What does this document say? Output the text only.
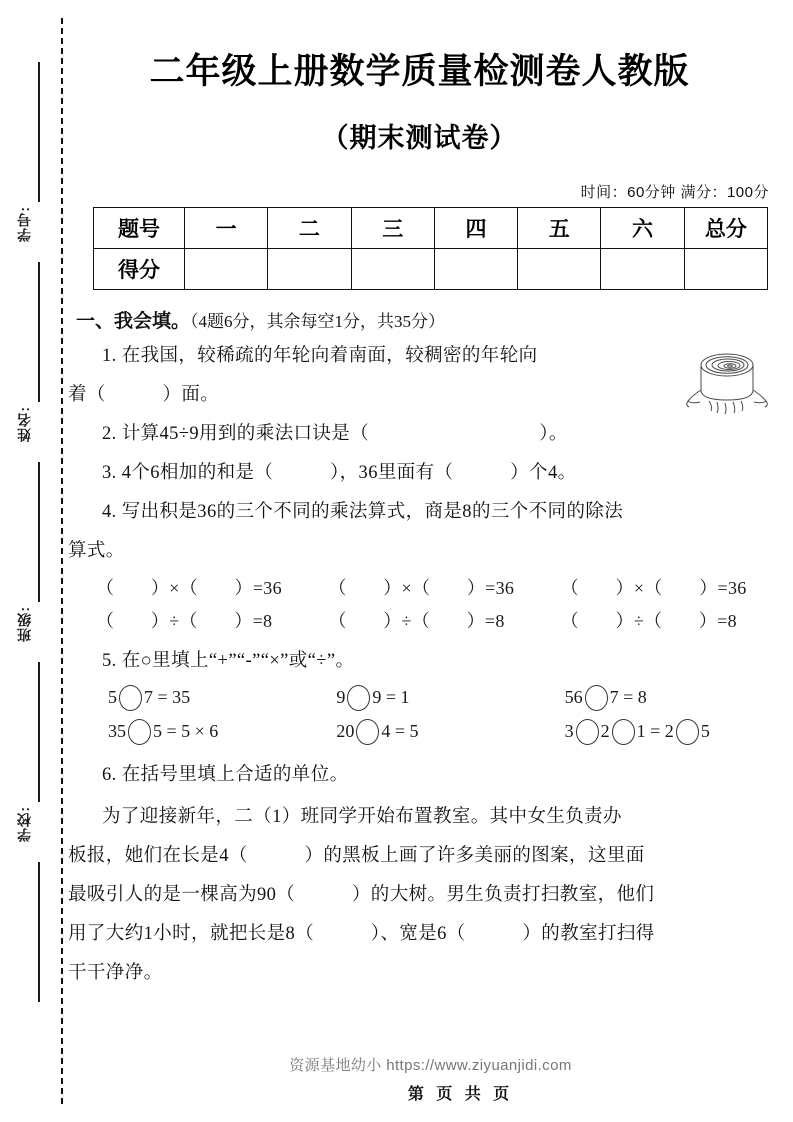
学号:
姓名:
班级:
学校:
二年级上册数学质量检测卷人教版
（期末测试卷）
时间：60分钟 满分：100分
题号	一	二	三	四	五	六	总分
得分							
一、我会填。（4题6分，其余每空1分，共35分）
1. 在我国，较稀疏的年轮向着南面，较稠密的年轮向
着（　　　）面。
2. 计算45÷9用到的乘法口诀是（　　　　　　　　　）。
3. 4个6相加的和是（　　　），36里面有（　　　）个4。
4. 写出积是36的三个不同的乘法算式，商是8的三个不同的除法
算式。
（　　）×（　　）=36	（　　）×（　　）=36	（　　）×（　　）=36
（　　）÷（　　）=8	（　　）÷（　　）=8	（　　）÷（　　）=8
5. 在○里填上“+”“-”“×”或“÷”。
5 7 = 35	9 9 = 1	56 7 = 8
35 5 = 5 × 6	20 4 = 5	3 2 1 = 2 5
6. 在括号里填上合适的单位。
为了迎接新年，二（1）班同学开始布置教室。其中女生负责办
板报，她们在长是4（　　　）的黑板上画了许多美丽的图案，这里面
最吸引人的是一棵高为90（　　　）的大树。男生负责打扫教室，他们
用了大约1小时，就把长是8（　　　）、宽是6（　　　）的教室打扫得
干干净净。
资源基地幼小 https://www.ziyuanjidi.com
第 页 共 页
